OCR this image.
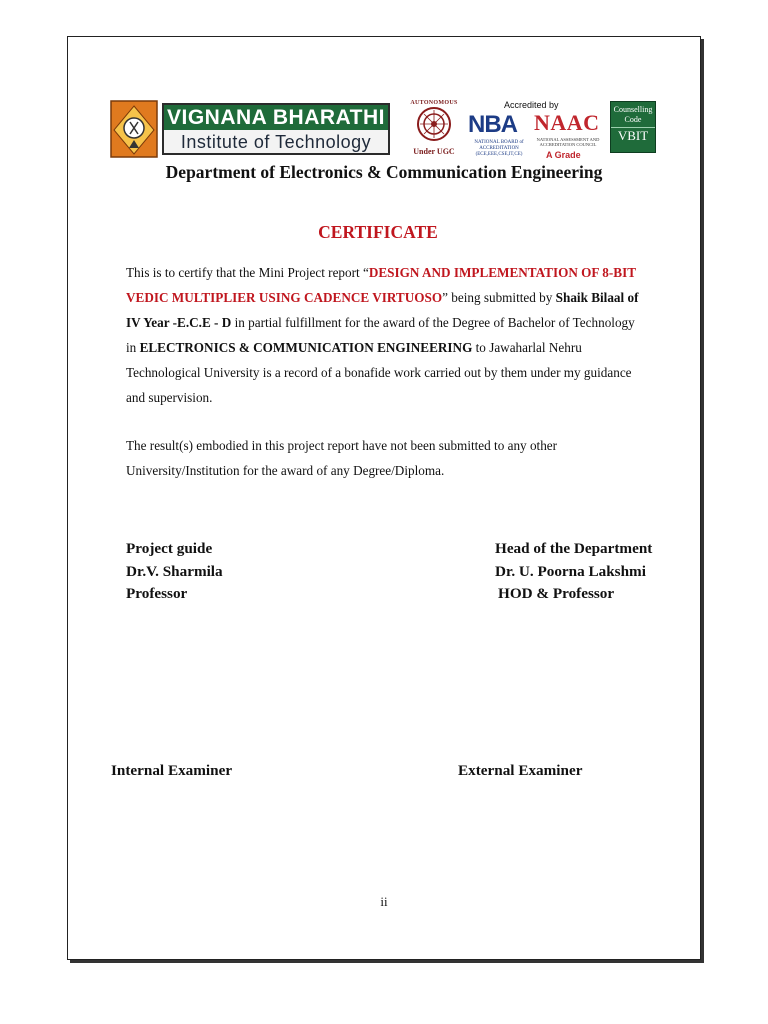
VIGNANA BHARATHI
Institute of Technology
AUTONOMOUS
Under UGC
Accredited by
NBA
NATIONAL BOARD of ACCREDITATION (ECE,EEE,CSE,IT,CE)
NAAC
NATIONAL ASSESSMENT AND ACCREDITATION COUNCIL
A Grade
Counselling
Code
VBIT
Department of Electronics & Communication Engineering
CERTIFICATE
This is to certify that the Mini Project report “DESIGN AND IMPLEMENTATION OF 8-BIT VEDIC MULTIPLIER USING CADENCE VIRTUOSO” being submitted by Shaik Bilaal of IV Year -E.C.E - D in partial fulfillment for the award of the Degree of Bachelor of Technology in ELECTRONICS & COMMUNICATION ENGINEERING to Jawaharlal Nehru Technological University is a record of a bonafide work carried out by them under my guidance and supervision.
The result(s) embodied in this project report have not been submitted to any other University/Institution for the award of any Degree/Diploma.
Project guide
Dr.V. Sharmila
Professor
Head of the Department
Dr. U. Poorna Lakshmi
HOD & Professor
Internal Examiner	External Examiner
ii
